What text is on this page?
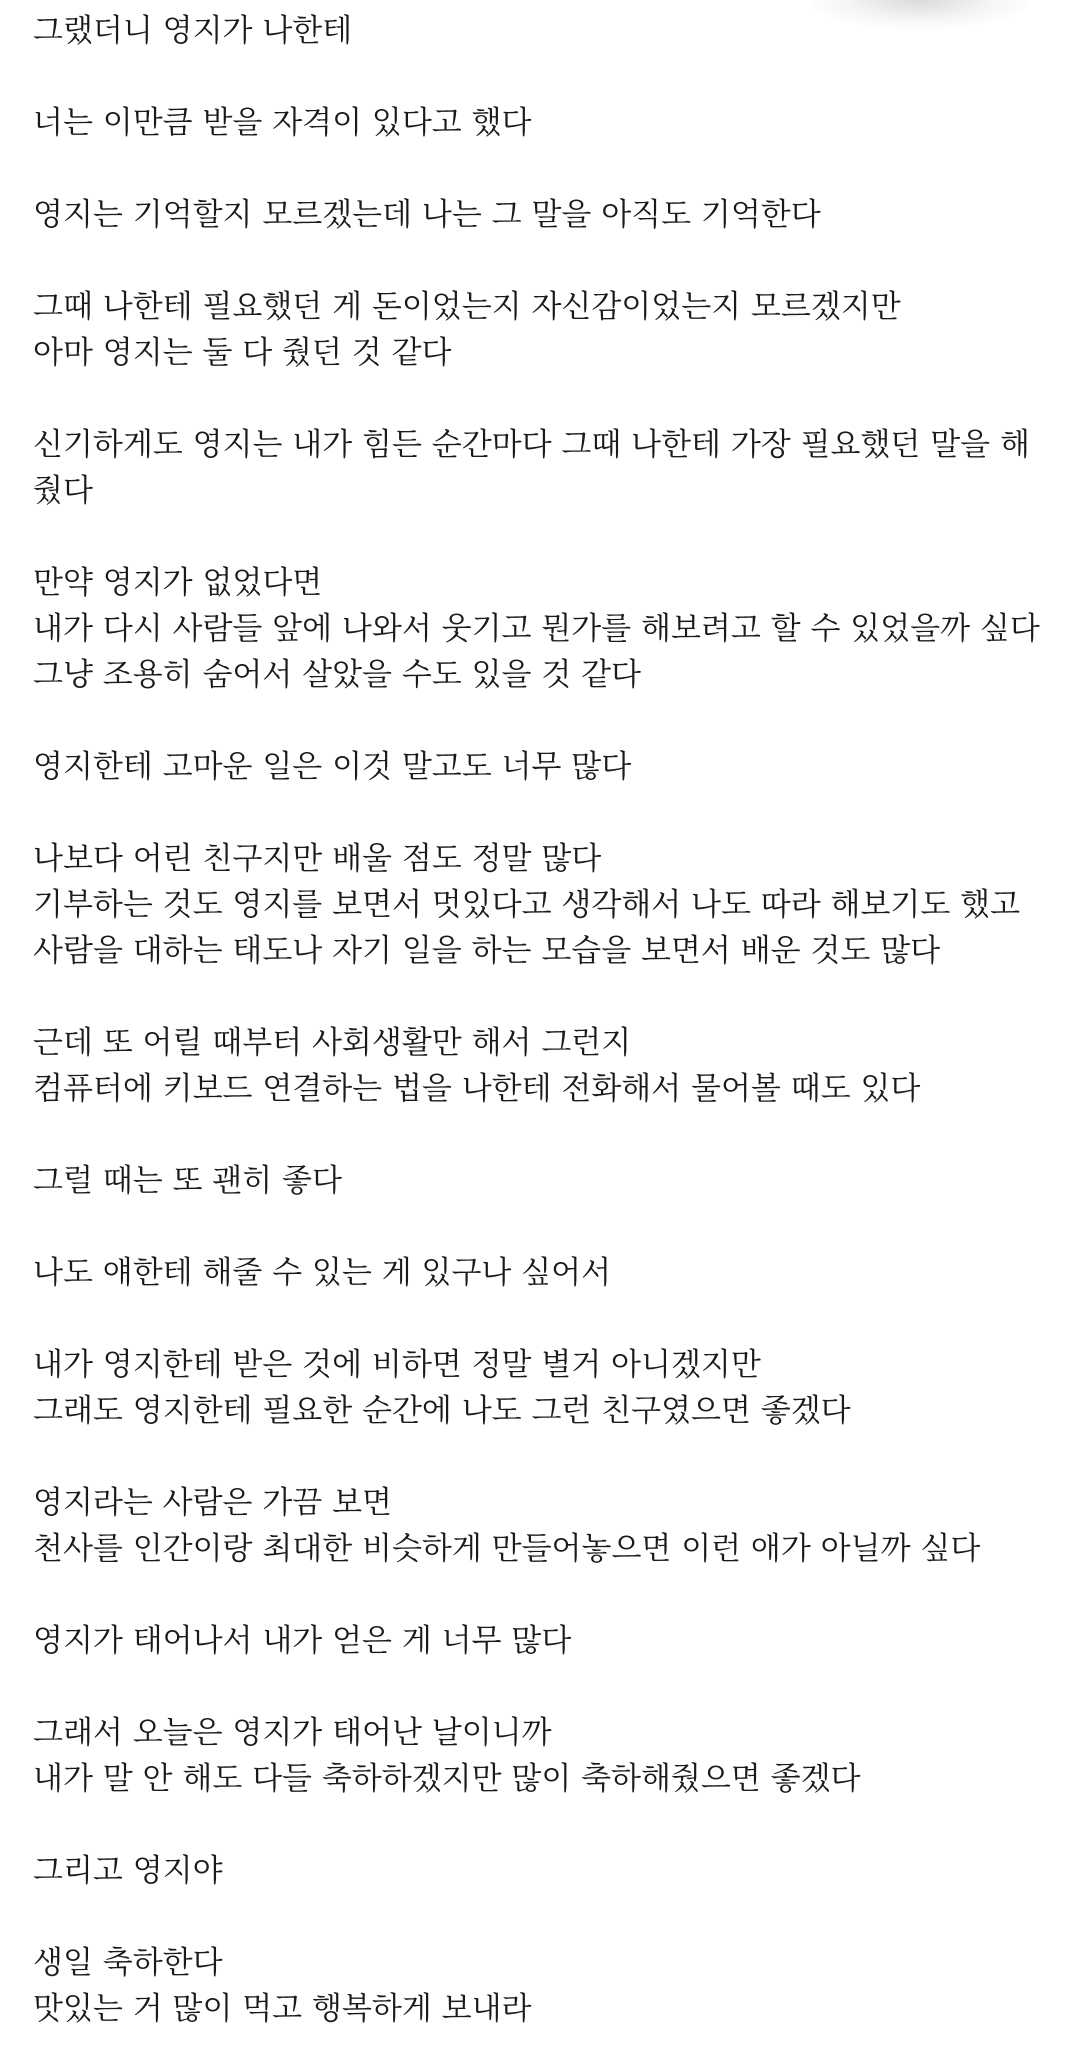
그랬더니 영지가 나한테
너는 이만큼 받을 자격이 있다고 했다
영지는 기억할지 모르겠는데 나는 그 말을 아직도 기억한다
그때 나한테 필요했던 게 돈이었는지 자신감이었는지 모르겠지만
아마 영지는 둘 다 줬던 것 같다
신기하게도 영지는 내가 힘든 순간마다 그때 나한테 가장 필요했던 말을 해
줬다
만약 영지가 없었다면
내가 다시 사람들 앞에 나와서 웃기고 뭔가를 해보려고 할 수 있었을까 싶다
그냥 조용히 숨어서 살았을 수도 있을 것 같다
영지한테 고마운 일은 이것 말고도 너무 많다
나보다 어린 친구지만 배울 점도 정말 많다
기부하는 것도 영지를 보면서 멋있다고 생각해서 나도 따라 해보기도 했고
사람을 대하는 태도나 자기 일을 하는 모습을 보면서 배운 것도 많다
근데 또 어릴 때부터 사회생활만 해서 그런지
컴퓨터에 키보드 연결하는 법을 나한테 전화해서 물어볼 때도 있다
그럴 때는 또 괜히 좋다
나도 얘한테 해줄 수 있는 게 있구나 싶어서
내가 영지한테 받은 것에 비하면 정말 별거 아니겠지만
그래도 영지한테 필요한 순간에 나도 그런 친구였으면 좋겠다
영지라는 사람은 가끔 보면
천사를 인간이랑 최대한 비슷하게 만들어놓으면 이런 애가 아닐까 싶다
영지가 태어나서 내가 얻은 게 너무 많다
그래서 오늘은 영지가 태어난 날이니까
내가 말 안 해도 다들 축하하겠지만 많이 축하해줬으면 좋겠다
그리고 영지야
생일 축하한다
맛있는 거 많이 먹고 행복하게 보내라
